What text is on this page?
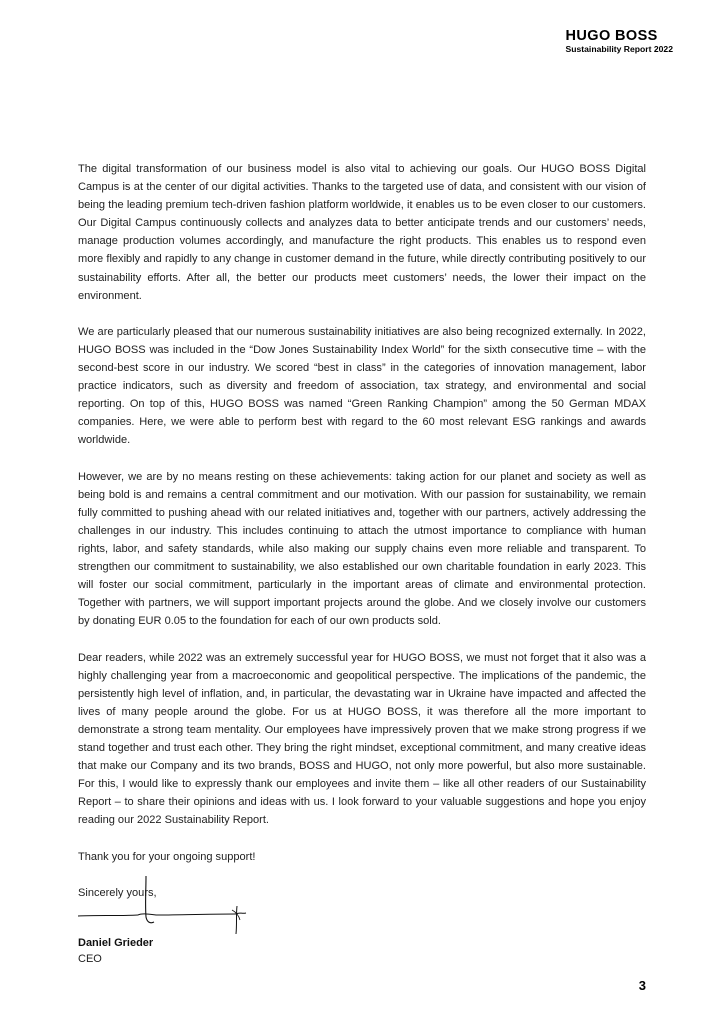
HUGO BOSS
Sustainability Report 2022

The digital transformation of our business model is also vital to achieving our goals. Our HUGO BOSS Digital Campus is at the center of our digital activities. Thanks to the targeted use of data, and consistent with our vision of being the leading premium tech-driven fashion platform worldwide, it enables us to be even closer to our customers. Our Digital Campus continuously collects and analyzes data to better anticipate trends and our customers’ needs, manage production volumes accordingly, and manufacture the right products. This enables us to respond even more flexibly and rapidly to any change in customer demand in the future, while directly contributing positively to our sustainability efforts. After all, the better our products meet customers’ needs, the lower their impact on the environment.

We are particularly pleased that our numerous sustainability initiatives are also being recognized externally. In 2022, HUGO BOSS was included in the “Dow Jones Sustainability Index World” for the sixth consecutive time – with the second-best score in our industry. We scored “best in class” in the categories of innovation management, labor practice indicators, such as diversity and freedom of association, tax strategy, and environmental and social reporting. On top of this, HUGO BOSS was named “Green Ranking Champion” among the 50 German MDAX companies. Here, we were able to perform best with regard to the 60 most relevant ESG rankings and awards worldwide.

However, we are by no means resting on these achievements: taking action for our planet and society as well as being bold is and remains a central commitment and our motivation. With our passion for sustainability, we remain fully committed to pushing ahead with our related initiatives and, together with our partners, actively addressing the challenges in our industry. This includes continuing to attach the utmost importance to compliance with human rights, labor, and safety standards, while also making our supply chains even more reliable and transparent. To strengthen our commitment to sustainability, we also established our own charitable foundation in early 2023. This will foster our social commitment, particularly in the important areas of climate and environmental protection. Together with partners, we will support important projects around the globe. And we closely involve our customers by donating EUR 0.05 to the foundation for each of our own products sold.

Dear readers, while 2022 was an extremely successful year for HUGO BOSS, we must not forget that it also was a highly challenging year from a macroeconomic and geopolitical perspective. The implications of the pandemic, the persistently high level of inflation, and, in particular, the devastating war in Ukraine have impacted and affected the lives of many people around the globe. For us at HUGO BOSS, it was therefore all the more important to demonstrate a strong team mentality. Our employees have impressively proven that we make strong progress if we stand together and trust each other. They bring the right mindset, exceptional commitment, and many creative ideas that make our Company and its two brands, BOSS and HUGO, not only more powerful, but also more sustainable. For this, I would like to expressly thank our employees and invite them – like all other readers of our Sustainability Report – to share their opinions and ideas with us. I look forward to your valuable suggestions and hope you enjoy reading our 2022 Sustainability Report.

Thank you for your ongoing support!

Sincerely yours,

Daniel Grieder
CEO
3
